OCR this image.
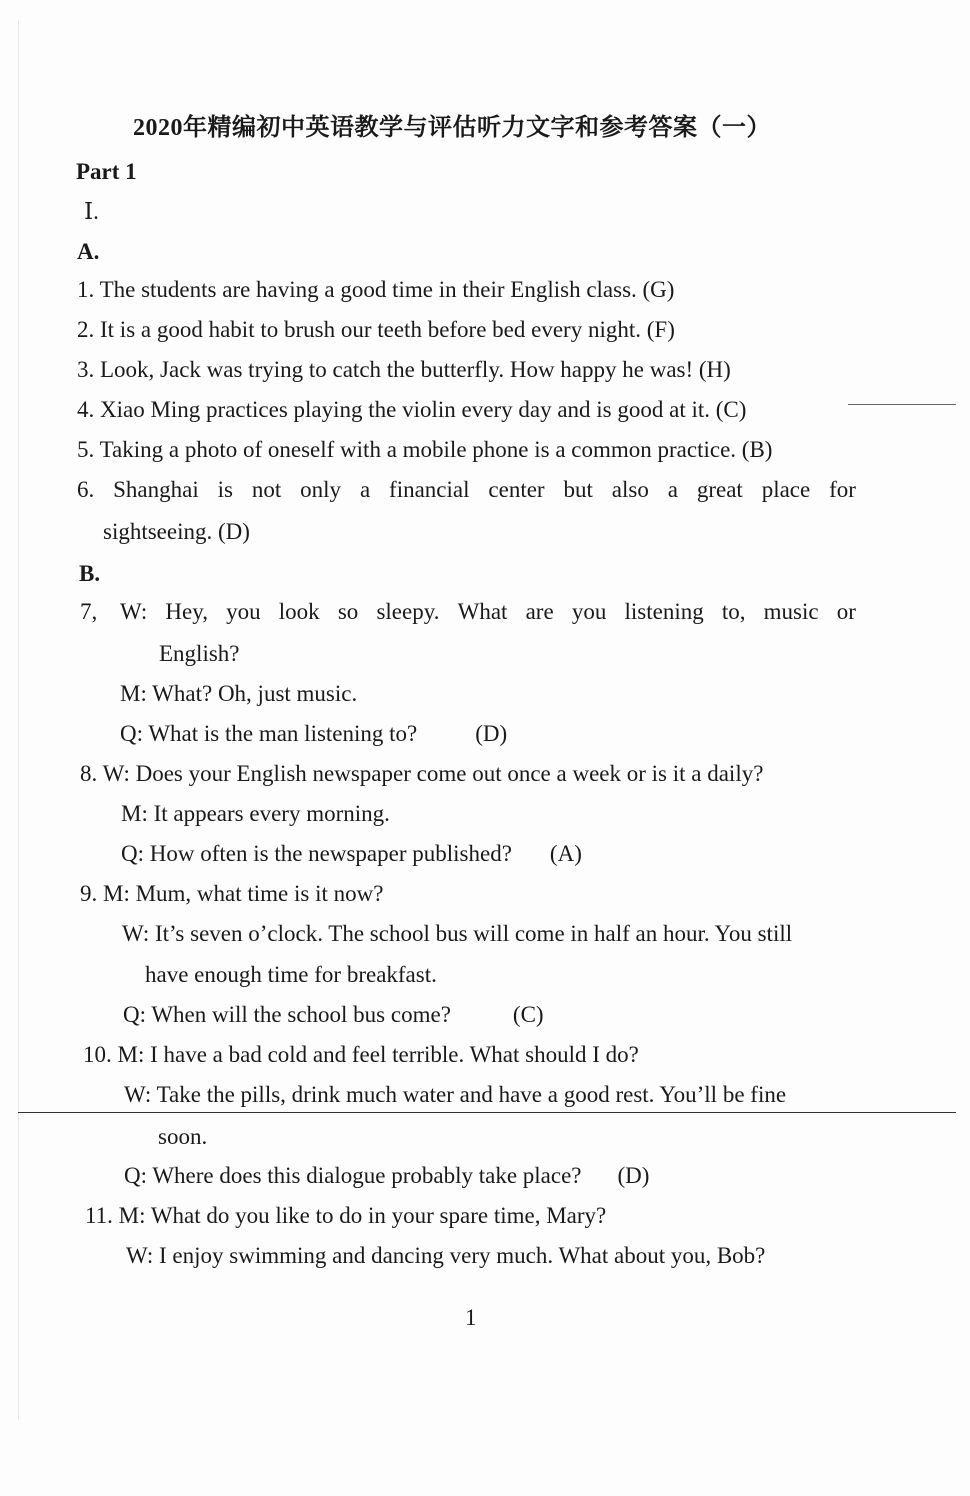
2020年精编初中英语教学与评估听力文字和参考答案（一）
Part 1
Ⅰ.
A.
1. The students are having a good time in their English class. (G)
2. It is a good habit to brush our teeth before bed every night. (F)
3. Look, Jack was trying to catch the butterfly. How happy he was! (H)
4. Xiao Ming practices playing the violin every day and is good at it. (C)
5. Taking a photo of oneself with a mobile phone is a common practice. (B)
6. Shanghai is not only a financial center but also a great place for
sightseeing. (D)
B.
7, W: Hey, you look so sleepy. What are you listening to, music or
English?
M: What? Oh, just music.
Q: What is the man listening to?	(D)
8. W: Does your English newspaper come out once a week or is it a daily?
M: It appears every morning.
Q: How often is the newspaper published? (A)
9. M: Mum, what time is it now?
W: It’s seven o’clock. The school bus will come in half an hour. You still
have enough time for breakfast.
Q: When will the school bus come?	(C)
10. M: I have a bad cold and feel terrible. What should I do?
W: Take the pills, drink much water and have a good rest. You’ll be fine
soon.
Q: Where does this dialogue probably take place? (D)
11. M: What do you like to do in your spare time, Mary?
W: I enjoy swimming and dancing very much. What about you, Bob?
1
